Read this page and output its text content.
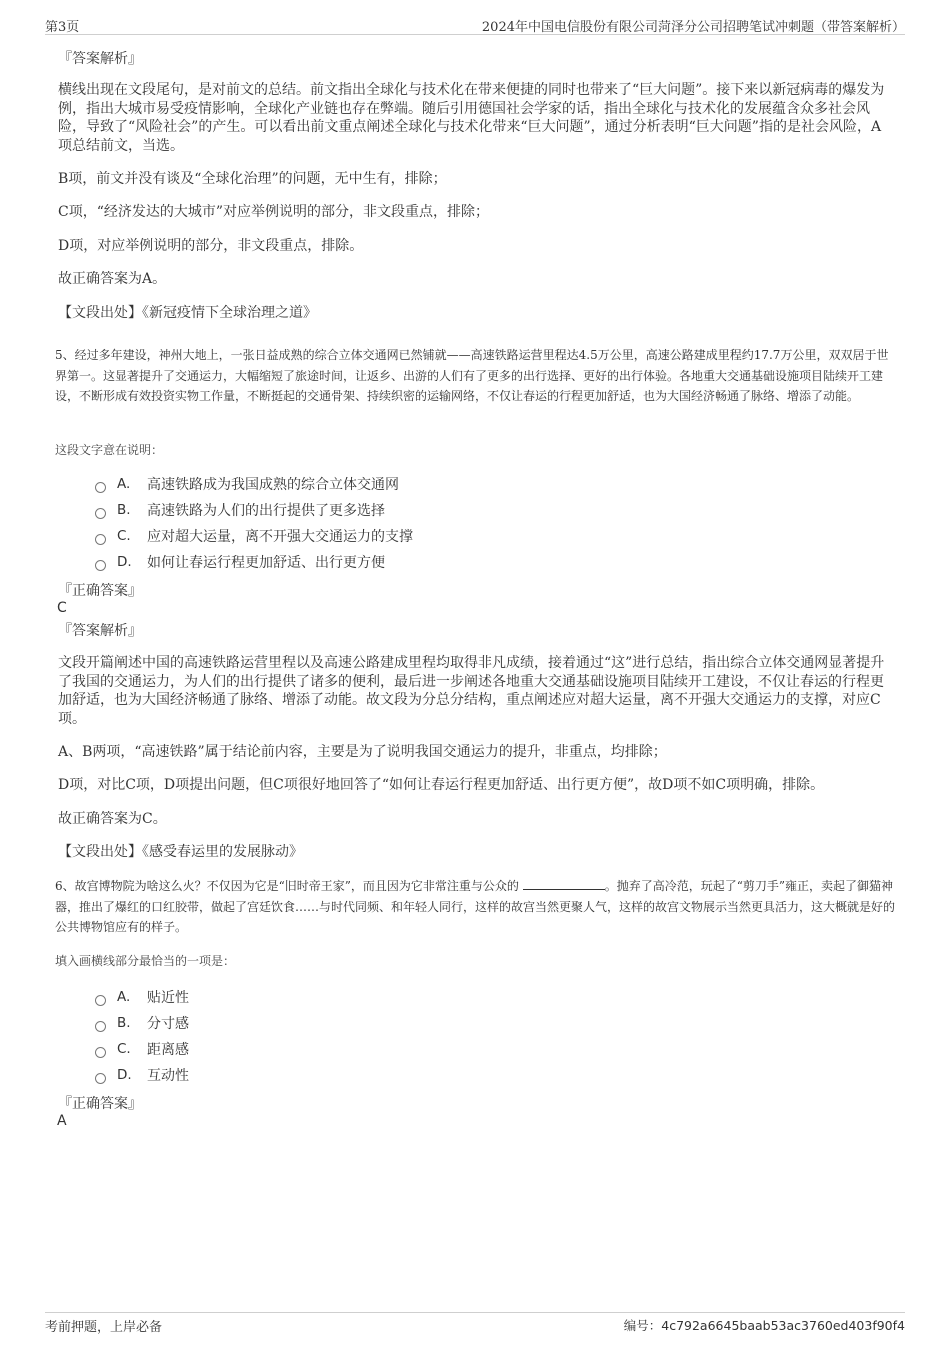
第3页	2024年中国电信股份有限公司菏泽分公司招聘笔试冲刺题（带答案解析）

『答案解析』

横线出现在文段尾句，是对前文的总结。前文指出全球化与技术化在带来便捷的同时也带来了“巨大问题”。接下来以新冠病毒的爆发为例，指出大城市易受疫情影响，全球化产业链也存在弊端。随后引用德国社会学家的话，指出全球化与技术化的发展蕴含众多社会风险，导致了“风险社会”的产生。可以看出前文重点阐述全球化与技术化带来“巨大问题”，通过分析表明“巨大问题”指的是社会风险，A项总结前文，当选。

B项，前文并没有谈及“全球化治理”的问题，无中生有，排除；

C项，“经济发达的大城市”对应举例说明的部分，非文段重点，排除；

D项，对应举例说明的部分，非文段重点，排除。

故正确答案为A。

【文段出处】《新冠疫情下全球治理之道》

5、经过多年建设，神州大地上，一张日益成熟的综合立体交通网已然铺就——高速铁路运营里程达4.5万公里，高速公路建成里程约17.7万公里，双双居于世界第一。这显著提升了交通运力，大幅缩短了旅途时间，让返乡、出游的人们有了更多的出行选择、更好的出行体验。各地重大交通基础设施项目陆续开工建设，不断形成有效投资实物工作量，不断挺起的交通骨架、持续织密的运输网络，不仅让春运的行程更加舒适，也为大国经济畅通了脉络、增添了动能。

这段文字意在说明：

A.	高速铁路成为我国成熟的综合立体交通网
B.	高速铁路为人们的出行提供了更多选择
C.	应对超大运量，离不开强大交通运力的支撑
D.	如何让春运行程更加舒适、出行更方便

『正确答案』

C

『答案解析』

文段开篇阐述中国的高速铁路运营里程以及高速公路建成里程均取得非凡成绩，接着通过“这”进行总结，指出综合立体交通网显著提升了我国的交通运力，为人们的出行提供了诸多的便利，最后进一步阐述各地重大交通基础设施项目陆续开工建设，不仅让春运的行程更加舒适，也为大国经济畅通了脉络、增添了动能。故文段为分总分结构，重点阐述应对超大运量，离不开强大交通运力的支撑，对应C项。

A、B两项，“高速铁路”属于结论前内容，主要是为了说明我国交通运力的提升，非重点，均排除；

D项，对比C项，D项提出问题，但C项很好地回答了“如何让春运行程更加舒适、出行更方便”，故D项不如C项明确，排除。

故正确答案为C。

【文段出处】《感受春运里的发展脉动》

6、故宫博物院为啥这么火？不仅因为它是“旧时帝王家”，而且因为它非常注重与公众的	。抛弃了高冷范，玩起了“剪刀手”雍正，卖起了御猫神器，推出了爆红的口红胶带，做起了宫廷饮食……与时代同频、和年轻人同行，这样的故宫当然更聚人气，这样的故宫文物展示当然更具活力，这大概就是好的公共博物馆应有的样子。

填入画横线部分最恰当的一项是：

A.	贴近性
B.	分寸感
C.	距离感
D.	互动性

『正确答案』

A

考前押题，上岸必备	编号：4c792a6645baab53ac3760ed403f90f4
